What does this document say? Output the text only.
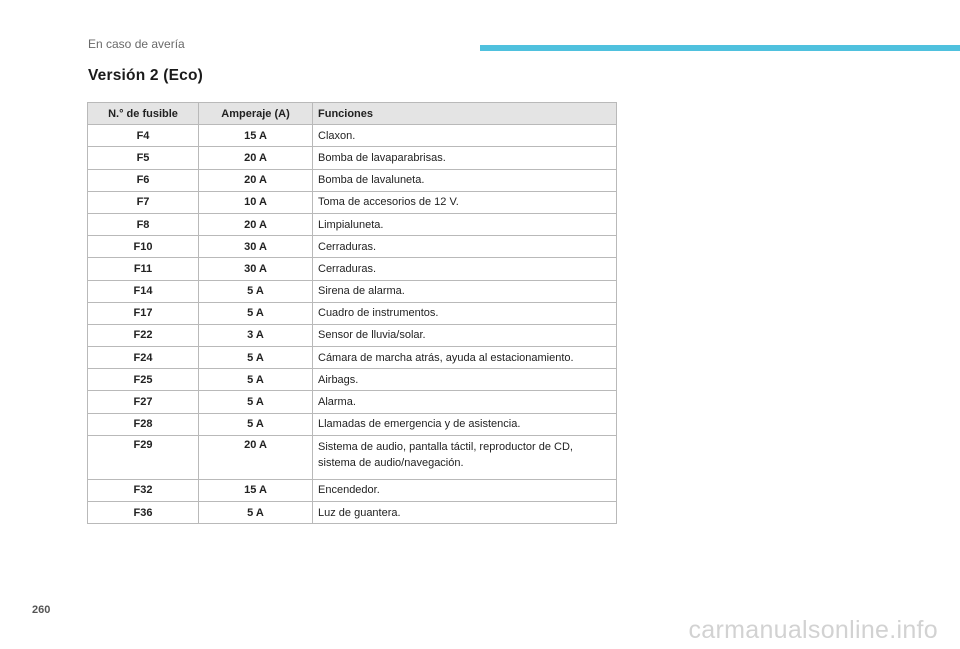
En caso de avería
Versión 2 (Eco)
N.° de fusible	Amperaje (A)	Funciones
F4	15 A	Claxon.
F5	20 A	Bomba de lavaparabrisas.
F6	20 A	Bomba de lavaluneta.
F7	10 A	Toma de accesorios de 12 V.
F8	20 A	Limpialuneta.
F10	30 A	Cerraduras.
F11	30 A	Cerraduras.
F14	5 A	Sirena de alarma.
F17	5 A	Cuadro de instrumentos.
F22	3 A	Sensor de lluvia/solar.
F24	5 A	Cámara de marcha atrás, ayuda al estacionamiento.
F25	5 A	Airbags.
F27	5 A	Alarma.
F28	5 A	Llamadas de emergencia y de asistencia.
F29	20 A	Sistema de audio, pantalla táctil, reproductor de CD, sistema de audio/navegación.
F32	15 A	Encendedor.
F36	5 A	Luz de guantera.
260
carmanualsonline.info
